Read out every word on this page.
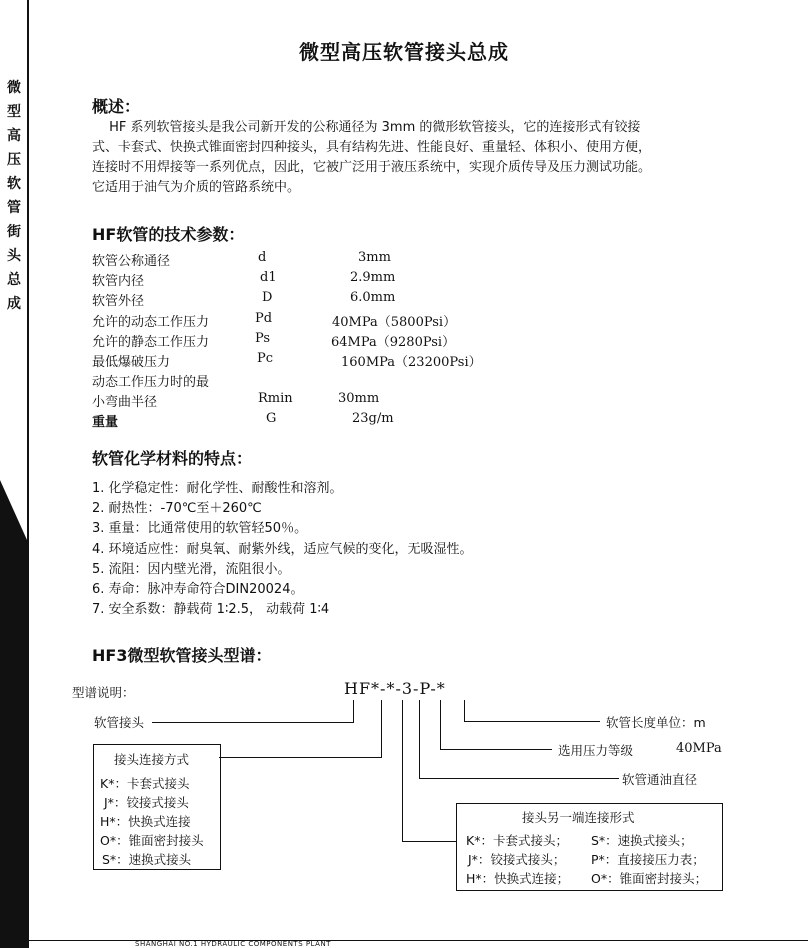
微型高压软管街头总成
微型高压软管接头总成
概述：

　 HF 系列软管接头是我公司新开发的公称通径为 3mm 的微形软管接头，它的连接形式有铰接

式、卡套式、快换式锥面密封四种接头，具有结构先进、性能良好、重量轻、体积小、使用方便，

连接时不用焊接等一系列优点，因此，它被广泛用于液压系统中，实现介质传导及压力测试功能。

它适用于油气为介质的管路系统中。

HF软管的技术参数：
软管公称通径	d	3mm
软管内径	d1	2.9mm
软管外径	D	6.0mm
允许的动态工作压力	Pd	40MPa（5800Psi）
允许的静态工作压力	Ps	64MPa（9280Psi）
最低爆破压力	Pc	160MPa（23200Psi）
动态工作压力时的最
小弯曲半径	Rmin	30mm
重量	G	23g/m
软管化学材料的特点：
1. 化学稳定性：耐化学性、耐酸性和溶剂。
2. 耐热性：-70℃至＋260℃
3. 重量：比通常使用的软管轻50％。
4. 环境适应性：耐臭氧、耐紫外线，适应气候的变化，无吸湿性。
5. 流阻：因内壁光滑，流阻很小。
6. 寿命：脉冲寿命符合DIN20024。
7. 安全系数：静载荷 1∶2.5， 动载荷 1∶4
HF3微型软管接头型谱：
型谱说明：	HF*-*-3-P-*
软管接头	软管长度单位：m
选用压力等级	40MPa
软管通油直径
接头连接方式
K*：卡套式接头
J*：铰接式接头
H*：快换式连接
O*：锥面密封接头
S*：速换式接头
接头另一端连接形式
K*：卡套式接头； S*：速换式接头；
J*：铰接式接头； P*：直接接压力表；
H*：快换式连接； O*：锥面密封接头；
SHANGHAI NO.1 HYDRAULIC COMPONENTS PLANT
